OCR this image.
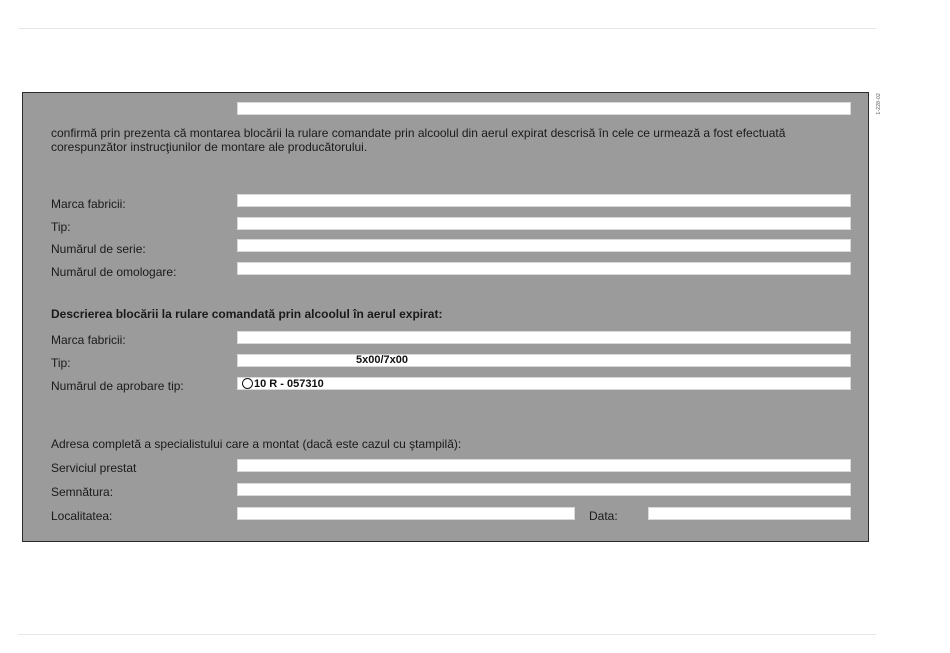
1-228-02
confirmă prin prezenta că montarea blocării la rulare comandate prin alcoolul din aerul expirat descrisă în cele ce urmează a fost efectuată corespunzător instrucţiunilor de montare ale producătorului.
Marca fabricii:
Tip:
Numărul de serie:
Numărul de omologare:
Descrierea blocării la rulare comandată prin alcoolul în aerul expirat:
Marca fabricii:
Tip:	5x00/7x00
Numărul de aprobare tip:	10 R - 057310
Adresa completă a specialistului care a montat (dacă este cazul cu ştampilă):
Serviciul prestat
Semnătura:
Localitatea:	Data:
